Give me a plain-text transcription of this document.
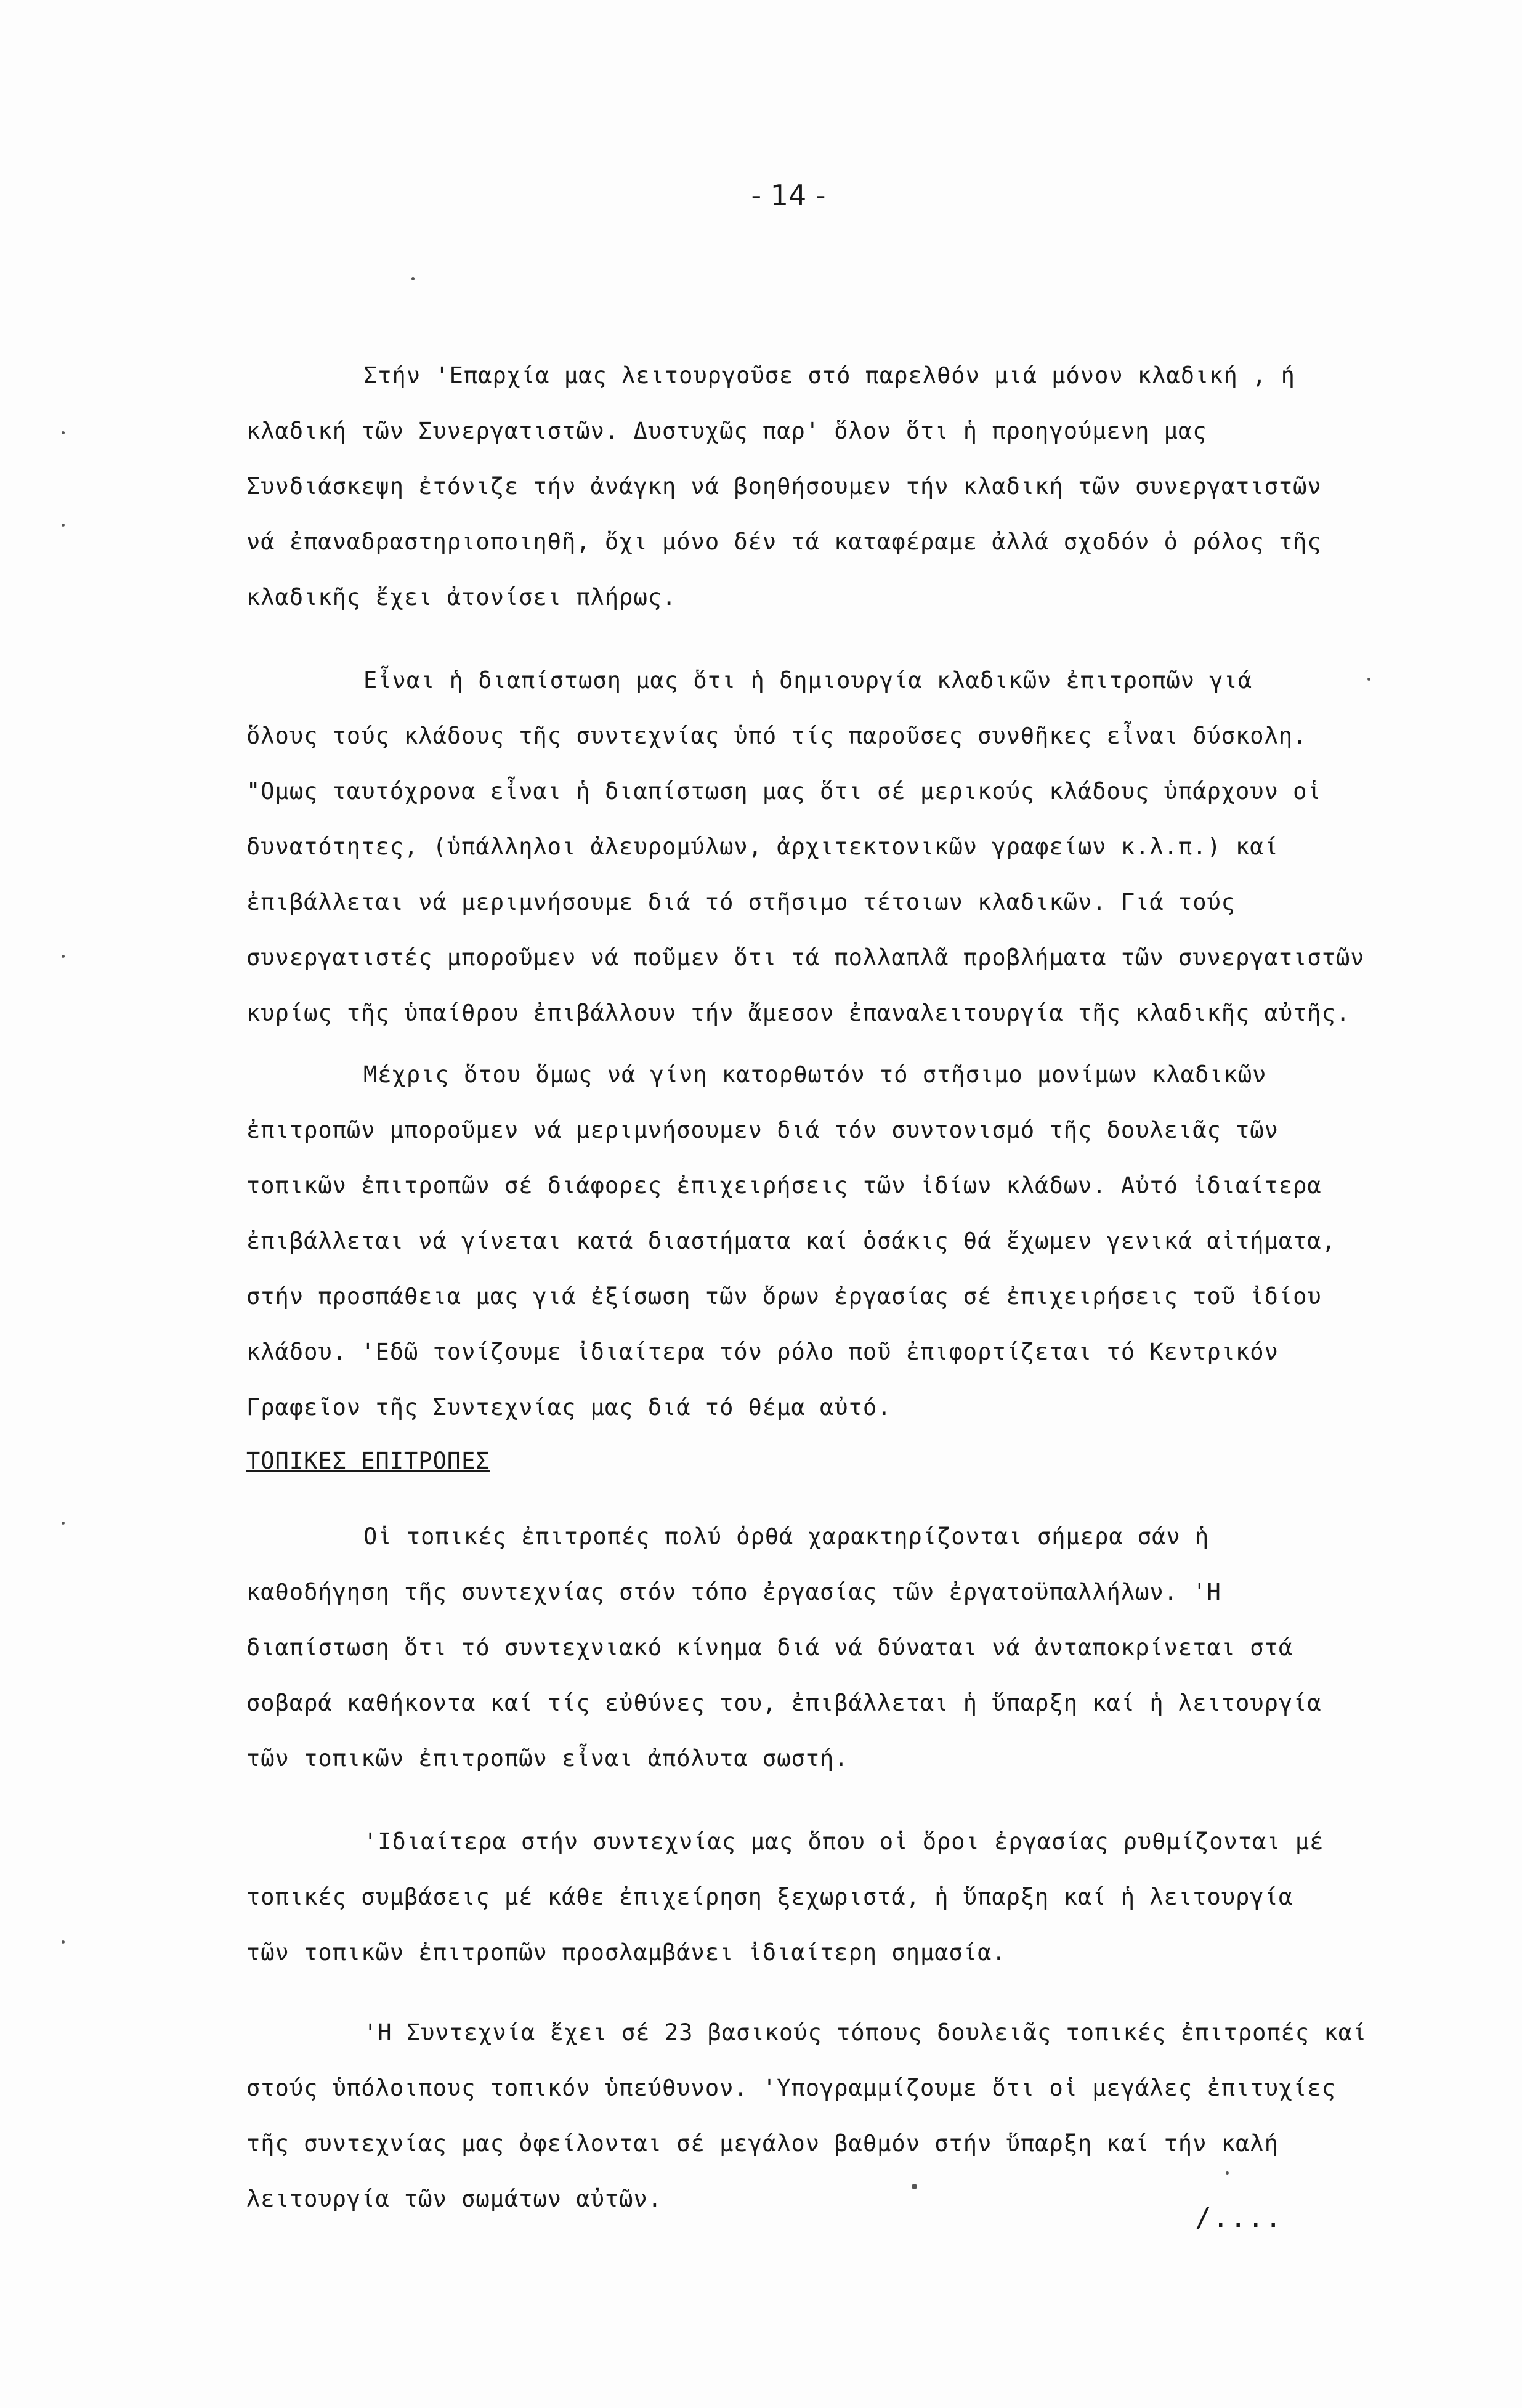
- 14 -
Στήν 'Επαρχία μας λειτουργοῦσε στό παρελθόν μιά μόνον κλαδική , ή
κλαδική τῶν Συνεργατιστῶν. Δυστυχῶς παρ' ὅλον ὅτι ἡ προηγούμενη μας
Συνδιάσκεψη ἐτόνιζε τήν ἀνάγκη νά βοηθήσουμεν τήν κλαδική τῶν συνεργατιστῶν
νά ἐπαναδραστηριοποιηθῆ, ὄχι μόνο δέν τά καταφέραμε ἀλλά σχοδόν ὁ ρόλος τῆς
κλαδικῆς ἔχει ἀτονίσει πλήρως.
Εἶναι ἡ διαπίστωση μας ὅτι ἡ δημιουργία κλαδικῶν ἐπιτροπῶν γιά
ὅλους τούς κλάδους τῆς συντεχνίας ὑπό τίς παροῦσες συνθῆκες εἶναι δύσκολη.
"Ομως ταυτόχρονα εἶναι ἡ διαπίστωση μας ὅτι σέ μερικούς κλάδους ὑπάρχουν οἱ
δυνατότητες, (ὑπάλληλοι ἀλευρομύλων, ἀρχιτεκτονικῶν γραφείων κ.λ.π.) καί
ἐπιβάλλεται νά μεριμνήσουμε διά τό στῆσιμο τέτοιων κλαδικῶν. Γιά τούς
συνεργατιστές μποροῦμεν νά ποῦμεν ὅτι τά πολλαπλᾶ προβλήματα τῶν συνεργατιστῶν
κυρίως τῆς ὑπαίθρου ἐπιβάλλουν τήν ἄμεσον ἐπαναλειτουργία τῆς κλαδικῆς αὐτῆς.
Μέχρις ὅτου ὅμως νά γίνη κατορθωτόν τό στῆσιμο μονίμων κλαδικῶν
ἐπιτροπῶν μποροῦμεν νά μεριμνήσουμεν διά τόν συντονισμό τῆς δουλειᾶς τῶν
τοπικῶν ἐπιτροπῶν σέ διάφορες ἐπιχειρήσεις τῶν ἰδίων κλάδων. Αὐτό ἰδιαίτερα
ἐπιβάλλεται νά γίνεται κατά διαστήματα καί ὁσάκις θά ἔχωμεν γενικά αἰτήματα,
στήν προσπάθεια μας γιά ἐξίσωση τῶν ὅρων ἐργασίας σέ ἐπιχειρήσεις τοῦ ἰδίου
κλάδου. 'Εδῶ τονίζουμε ἰδιαίτερα τόν ρόλο ποῦ ἐπιφορτίζεται τό Κεντρικόν
Γραφεῖον τῆς Συντεχνίας μας διά τό θέμα αὐτό.
ΤΟΠΙΚΕΣ ΕΠΙΤΡΟΠΕΣ
Οἱ τοπικές ἐπιτροπές πολύ ὀρθά χαρακτηρίζονται σήμερα σάν ἡ
καθοδήγηση τῆς συντεχνίας στόν τόπο ἐργασίας τῶν ἐργατοϋπαλλήλων. 'Η
διαπίστωση ὅτι τό συντεχνιακό κίνημα διά νά δύναται νά ἀνταποκρίνεται στά
σοβαρά καθήκοντα καί τίς εὐθύνες του, ἐπιβάλλεται ἡ ὕπαρξη καί ἡ λειτουργία
τῶν τοπικῶν ἐπιτροπῶν εἶναι ἀπόλυτα σωστή.
'Ιδιαίτερα στήν συντεχνίας μας ὅπου οἱ ὅροι ἐργασίας ρυθμίζονται μέ
τοπικές συμβάσεις μέ κάθε ἐπιχείρηση ξεχωριστά, ἡ ὕπαρξη καί ἡ λειτουργία
τῶν τοπικῶν ἐπιτροπῶν προσλαμβάνει ἰδιαίτερη σημασία.
'Η Συντεχνία ἔχει σέ 23 βασικούς τόπους δουλειᾶς τοπικές ἐπιτροπές καί
στούς ὑπόλοιπους τοπικόν ὑπεύθυνον. 'Υπογραμμίζουμε ὅτι οἱ μεγάλες ἐπιτυχίες
τῆς συντεχνίας μας ὀφείλονται σέ μεγάλον βαθμόν στήν ὕπαρξη καί τήν καλή
λειτουργία τῶν σωμάτων αὐτῶν.
/....
